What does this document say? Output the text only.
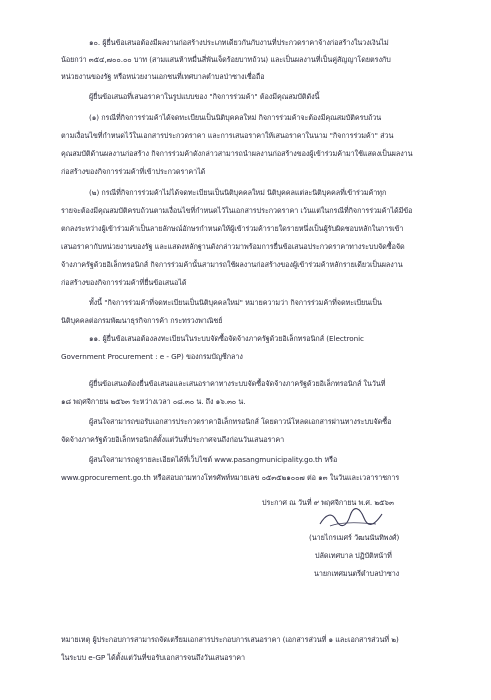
๑๐. ผู้ยื่นข้อเสนอต้องมีผลงานก่อสร้างประเภทเดียวกันกับงานที่ประกวดราคาจ้างก่อสร้างในวงเงินไม่
น้อยกว่า ๓๕๔,๗๐๐.๐๐ บาท (สามแสนห้าหมื่นสี่พันเจ็ดร้อยบาทถ้วน) และเป็นผลงานที่เป็นคู่สัญญาโดยตรงกับ
หน่วยงานของรัฐ หรือหน่วยงานเอกชนที่เทศบาลตำบลป่าซางเชื่อถือ
ผู้ยื่นข้อเสนอที่เสนอราคาในรูปแบบของ "กิจการร่วมค้า" ต้องมีคุณสมบัติดังนี้
(๑) กรณีที่กิจการร่วมค้าได้จดทะเบียนเป็นนิติบุคคลใหม่ กิจการร่วมค้าจะต้องมีคุณสมบัติครบถ้วน
ตามเงื่อนไขที่กำหนดไว้ในเอกสารประกวดราคา และการเสนอราคาให้เสนอราคาในนาม "กิจการร่วมค้า" ส่วน
คุณสมบัติด้านผลงานก่อสร้าง กิจการร่วมค้าดังกล่าวสามารถนำผลงานก่อสร้างของผู้เข้าร่วมค้ามาใช้แสดงเป็นผลงาน
ก่อสร้างของกิจการร่วมค้าที่เข้าประกวดราคาได้
(๒) กรณีที่กิจการร่วมค้าไม่ได้จดทะเบียนเป็นนิติบุคคลใหม่ นิติบุคคลแต่ละนิติบุคคลที่เข้าร่วมค้าทุก
รายจะต้องมีคุณสมบัติครบถ้วนตามเงื่อนไขที่กำหนดไว้ในเอกสารประกวดราคา เว้นแต่ในกรณีที่กิจการร่วมค้าได้มีข้อ
ตกลงระหว่างผู้เข้าร่วมค้าเป็นลายลักษณ์อักษรกำหนดให้ผู้เข้าร่วมค้ารายใดรายหนึ่งเป็นผู้รับผิดชอบหลักในการเข้า
เสนอราคากับหน่วยงานของรัฐ และแสดงหลักฐานดังกล่าวมาพร้อมการยื่นข้อเสนอประกวดราคาทางระบบจัดซื้อจัด
จ้างภาครัฐด้วยอิเล็กทรอนิกส์ กิจการร่วมค้านั้นสามารถใช้ผลงานก่อสร้างของผู้เข้าร่วมค้าหลักรายเดียวเป็นผลงาน
ก่อสร้างของกิจการร่วมค้าที่ยื่นข้อเสนอได้
ทั้งนี้ "กิจการร่วมค้าที่จดทะเบียนเป็นนิติบุคคลใหม่" หมายความว่า กิจการร่วมค้าที่จดทะเบียนเป็น
นิติบุคคลต่อกรมพัฒนาธุรกิจการค้า กระทรวงพาณิชย์
๑๑. ผู้ยื่นข้อเสนอต้องลงทะเบียนในระบบจัดซื้อจัดจ้างภาครัฐด้วยอิเล็กทรอนิกส์ (Electronic
Government Procurement : e - GP) ของกรมบัญชีกลาง
ผู้ยื่นข้อเสนอต้องยื่นข้อเสนอและเสนอราคาทางระบบจัดซื้อจัดจ้างภาครัฐด้วยอิเล็กทรอนิกส์ ในวันที่
๑๘ พฤศจิกายน ๒๕๖๓ ระหว่างเวลา ๐๘.๓๐ น. ถึง ๑๖.๓๐ น.
ผู้สนใจสามารถขอรับเอกสารประกวดราคาอิเล็กทรอนิกส์ โดยดาวน์โหลดเอกสารผ่านทางระบบจัดซื้อ
จัดจ้างภาครัฐด้วยอิเล็กทรอนิกส์ตั้งแต่วันที่ประกาศจนถึงก่อนวันเสนอราคา
ผู้สนใจสามารถดูรายละเอียดได้ที่เว็บไซต์ www.pasangmunicipality.go.th หรือ
www.gprocurement.go.th หรือสอบถามทางโทรศัพท์หมายเลข ๐๕๓๕๒๑๐๐๗ ต่อ ๑๓ ในวันและเวลาราชการ
ประกาศ ณ วันที่ ๙ พฤศจิกายน พ.ศ. ๒๕๖๓
(นายไกรเมศร์ วัฒนนันทิพงศ์)
ปลัดเทศบาล ปฏิบัติหน้าที่
นายกเทศมนตรีตำบลป่าซาง
หมายเหตุ ผู้ประกอบการสามารถจัดเตรียมเอกสารประกอบการเสนอราคา (เอกสารส่วนที่ ๑ และเอกสารส่วนที่ ๒)
ในระบบ e-GP ได้ตั้งแต่วันที่ขอรับเอกสารจนถึงวันเสนอราคา
